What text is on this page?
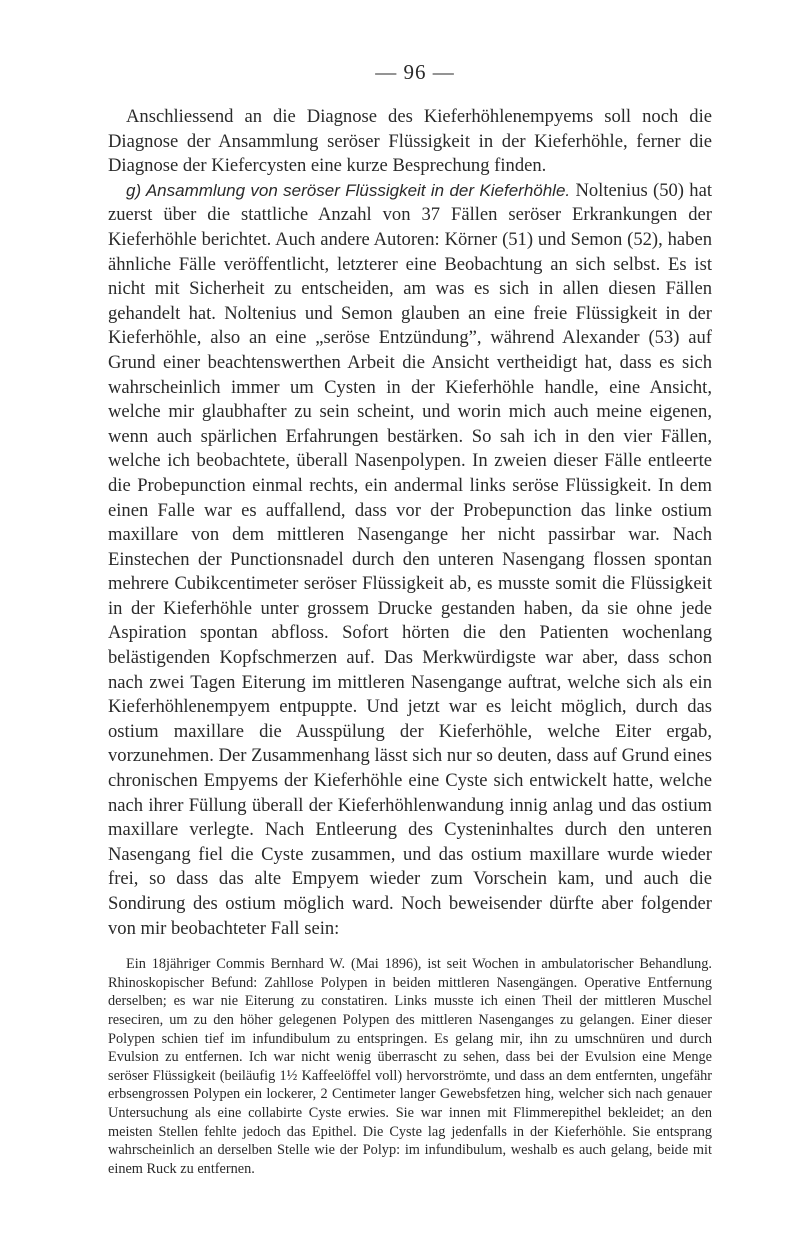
— 96 —

Anschliessend an die Diagnose des Kieferhöhlenempyems soll noch die Diagnose der Ansammlung seröser Flüssigkeit in der Kieferhöhle, ferner die Diagnose der Kiefercysten eine kurze Besprechung finden.

g) Ansammlung von seröser Flüssigkeit in der Kieferhöhle. Noltenius (50) hat zuerst über die stattliche Anzahl von 37 Fällen seröser Erkrankungen der Kieferhöhle berichtet. Auch andere Autoren: Körner (51) und Semon (52), haben ähnliche Fälle veröffentlicht, letzterer eine Beobachtung an sich selbst. Es ist nicht mit Sicherheit zu entscheiden, am was es sich in allen diesen Fällen gehandelt hat. Noltenius und Semon glauben an eine freie Flüssigkeit in der Kieferhöhle, also an eine „seröse Entzündung”, während Alexander (53) auf Grund einer beachtenswerthen Arbeit die Ansicht vertheidigt hat, dass es sich wahrscheinlich immer um Cysten in der Kieferhöhle handle, eine Ansicht, welche mir glaubhafter zu sein scheint, und worin mich auch meine eigenen, wenn auch spärlichen Erfahrungen bestärken. So sah ich in den vier Fällen, welche ich beobachtete, überall Nasenpolypen. In zweien dieser Fälle entleerte die Probepunction einmal rechts, ein andermal links seröse Flüssigkeit. In dem einen Falle war es auffallend, dass vor der Probepunction das linke ostium maxillare von dem mittleren Nasengange her nicht passirbar war. Nach Einstechen der Punctionsnadel durch den unteren Nasengang flossen spontan mehrere Cubikcentimeter seröser Flüssigkeit ab, es musste somit die Flüssigkeit in der Kieferhöhle unter grossem Drucke gestanden haben, da sie ohne jede Aspiration spontan abfloss. Sofort hörten die den Patienten wochenlang belästigenden Kopfschmerzen auf. Das Merkwürdigste war aber, dass schon nach zwei Tagen Eiterung im mittleren Nasengange auftrat, welche sich als ein Kieferhöhlenempyem entpuppte. Und jetzt war es leicht möglich, durch das ostium maxillare die Ausspülung der Kieferhöhle, welche Eiter ergab, vorzunehmen. Der Zusammenhang lässt sich nur so deuten, dass auf Grund eines chronischen Empyems der Kieferhöhle eine Cyste sich entwickelt hatte, welche nach ihrer Füllung überall der Kieferhöhlenwandung innig anlag und das ostium maxillare verlegte. Nach Entleerung des Cysteninhaltes durch den unteren Nasengang fiel die Cyste zusammen, und das ostium maxillare wurde wieder frei, so dass das alte Empyem wieder zum Vorschein kam, und auch die Sondirung des ostium möglich ward. Noch beweisender dürfte aber folgender von mir beobachteter Fall sein:

Ein 18jähriger Commis Bernhard W. (Mai 1896), ist seit Wochen in ambulatorischer Behandlung. Rhinoskopischer Befund: Zahllose Polypen in beiden mittleren Nasengängen. Operative Entfernung derselben; es war nie Eiterung zu constatiren. Links musste ich einen Theil der mittleren Muschel reseciren, um zu den höher gelegenen Polypen des mittleren Nasenganges zu gelangen. Einer dieser Polypen schien tief im infundibulum zu entspringen. Es gelang mir, ihn zu umschnüren und durch Evulsion zu entfernen. Ich war nicht wenig überrascht zu sehen, dass bei der Evulsion eine Menge seröser Flüssigkeit (beiläufig 1½ Kaffeelöffel voll) hervorströmte, und dass an dem entfernten, ungefähr erbsengrossen Polypen ein lockerer, 2 Centimeter langer Gewebsfetzen hing, welcher sich nach genauer Untersuchung als eine collabirte Cyste erwies. Sie war innen mit Flimmerepithel bekleidet; an den meisten Stellen fehlte jedoch das Epithel. Die Cyste lag jedenfalls in der Kieferhöhle. Sie entsprang wahrscheinlich an derselben Stelle wie der Polyp: im infundibulum, weshalb es auch gelang, beide mit einem Ruck zu entfernen.
